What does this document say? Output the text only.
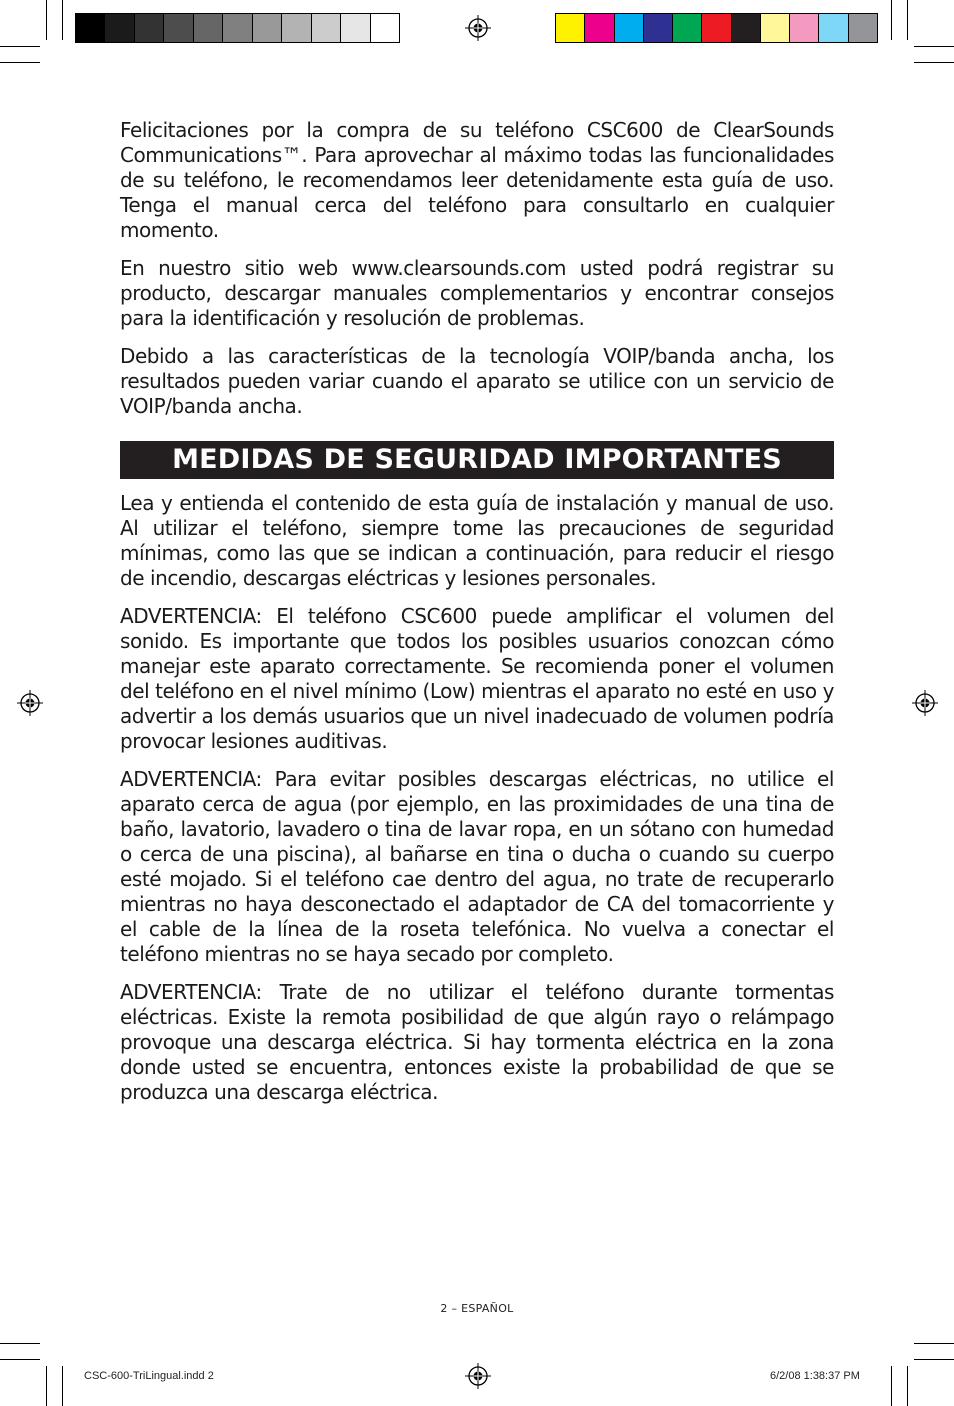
Felicitaciones por la compra de su teléfono CSC600 de ClearSounds Communications™. Para aprovechar al máximo todas las funcionalidades de su teléfono, le recomendamos leer detenidamente esta guía de uso. Tenga el manual cerca del teléfono para consultarlo en cualquier momento.

En nuestro sitio web www.clearsounds.com usted podrá registrar su producto, descargar manuales complementarios y encontrar consejos para la identificación y resolución de problemas.

Debido a las características de la tecnología VOIP/banda ancha, los resultados pueden variar cuando el aparato se utilice con un servicio de VOIP/banda ancha.

MEDIDAS DE SEGURIDAD IMPORTANTES

Lea y entienda el contenido de esta guía de instalación y manual de uso. Al utilizar el teléfono, siempre tome las precauciones de seguridad mínimas, como las que se indican a continuación, para reducir el riesgo de incendio, descargas eléctricas y lesiones personales.

ADVERTENCIA: El teléfono CSC600 puede amplificar el volumen del sonido. Es importante que todos los posibles usuarios conozcan cómo manejar este aparato correctamente. Se recomienda poner el volumen del teléfono en el nivel mínimo (Low) mientras el aparato no esté en uso y advertir a los demás usuarios que un nivel inadecuado de volumen podría provocar lesiones auditivas.

ADVERTENCIA: Para evitar posibles descargas eléctricas, no utilice el aparato cerca de agua (por ejemplo, en las proximidades de una tina de baño, lavatorio, lavadero o tina de lavar ropa, en un sótano con humedad o cerca de una piscina), al bañarse en tina o ducha o cuando su cuerpo esté mojado. Si el teléfono cae dentro del agua, no trate de recuperarlo mientras no haya desconectado el adaptador de CA del tomacorriente y el cable de la línea de la roseta telefónica. No vuelva a conectar el teléfono mientras no se haya secado por completo.

ADVERTENCIA: Trate de no utilizar el teléfono durante tormentas eléctricas. Existe la remota posibilidad de que algún rayo o relámpago provoque una descarga eléctrica. Si hay tormenta eléctrica en la zona donde usted se encuentra, entonces existe la probabilidad de que se produzca una descarga eléctrica.

2 – ESPAÑOL
CSC-600-TriLingual.indd 2	6/2/08 1:38:37 PM
